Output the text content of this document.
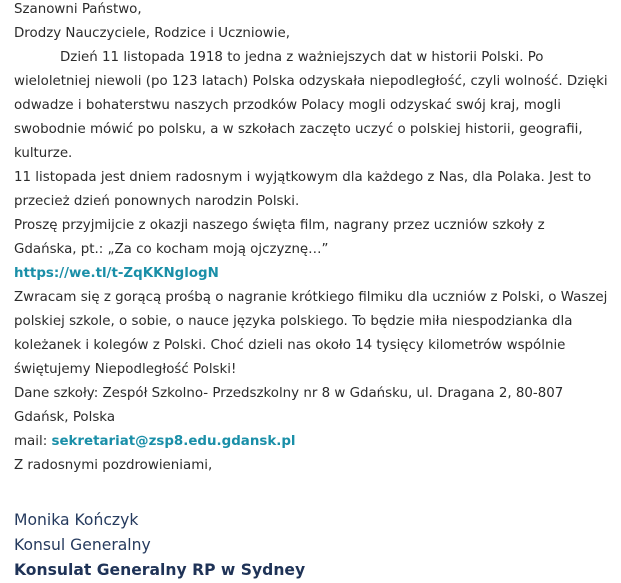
Szanowni Państwo,

Drodzy Nauczyciele, Rodzice i Uczniowie,

Dzień 11 listopada 1918 to jedna z ważniejszych dat w historii Polski. Po wieloletniej niewoli (po 123 latach) Polska odzyskała niepodległość, czyli wolność. Dzięki odwadze i bohaterstwu naszych przodków Polacy mogli odzyskać swój kraj, mogli swobodnie mówić po polsku, a w szkołach zaczęto uczyć o polskiej historii, geografii, kulturze.

11 listopada jest dniem radosnym i wyjątkowym dla każdego z Nas, dla Polaka. Jest to przecież dzień ponownych narodzin Polski.

Proszę przyjmijcie z okazji naszego święta film, nagrany przez uczniów szkoły z Gdańska, pt.: „Za co kocham moją ojczyznę…”

https://we.tl/t-ZqKKNglogN

Zwracam się z gorącą prośbą o nagranie krótkiego filmiku dla uczniów z Polski, o Waszej polskiej szkole, o sobie, o nauce języka polskiego. To będzie miła niespodzianka dla koleżanek i kolegów z Polski. Choć dzieli nas około 14 tysięcy kilometrów wspólnie świętujemy Niepodległość Polski!

Dane szkoły: Zespół Szkolno- Przedszkolny nr 8 w Gdańsku, ul. Dragana 2, 80-807 Gdańsk, Polska

mail: sekretariat@zsp8.edu.gdansk.pl

Z radosnymi pozdrowieniami,

Monika Kończyk

Konsul Generalny

Konsulat Generalny RP w Sydney
